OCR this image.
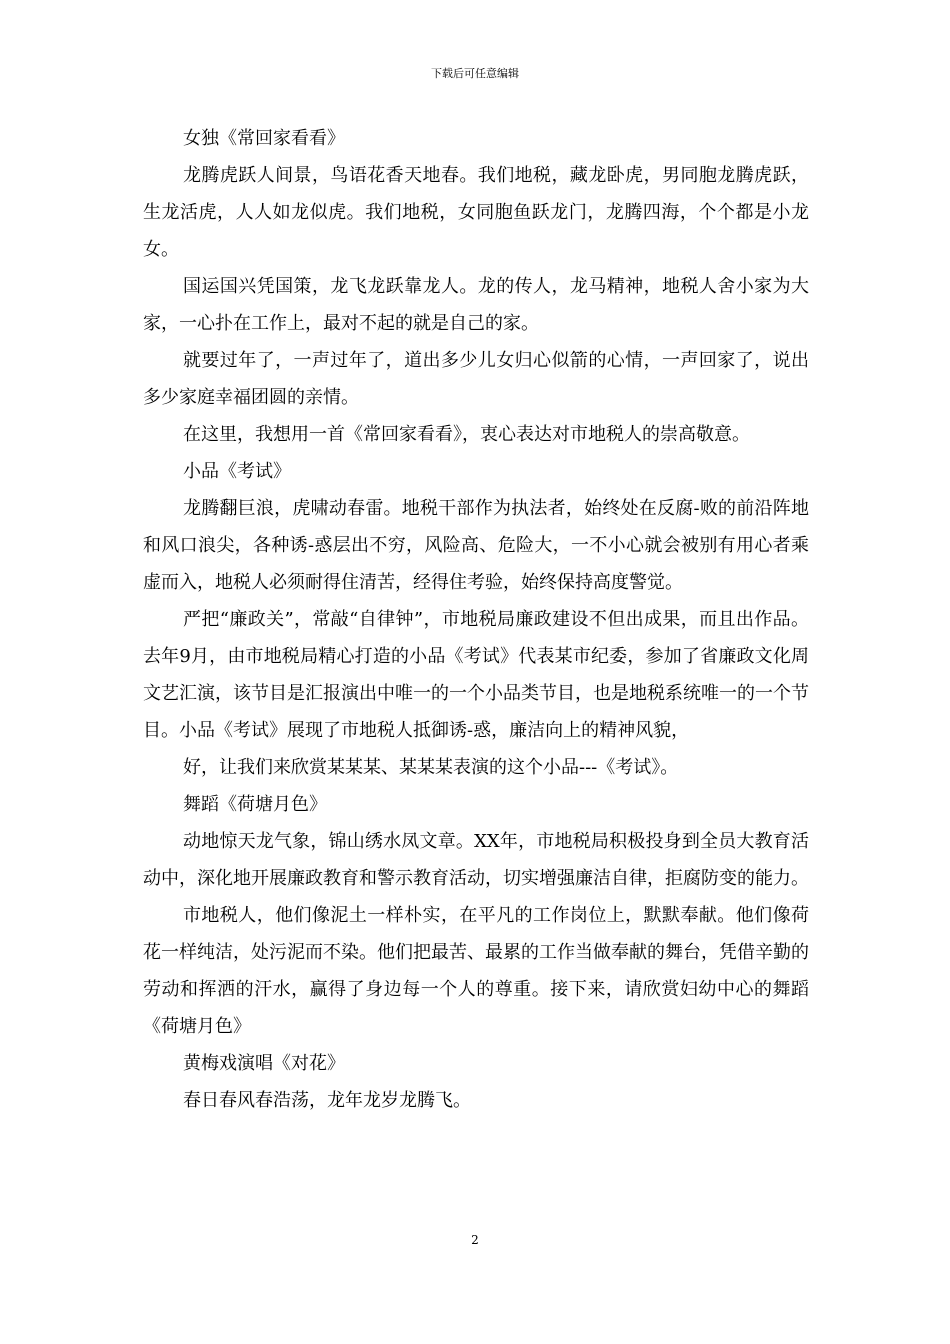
下载后可任意编辑

女独《常回家看看》

龙腾虎跃人间景，鸟语花香天地春。我们地税，藏龙卧虎，男同胞龙腾虎跃，生龙活虎，人人如龙似虎。我们地税，女同胞鱼跃龙门，龙腾四海，个个都是小龙女。

国运国兴凭国策，龙飞龙跃靠龙人。龙的传人，龙马精神，地税人舍小家为大家，一心扑在工作上，最对不起的就是自己的家。

就要过年了，一声过年了，道出多少儿女归心似箭的心情，一声回家了，说出多少家庭幸福团圆的亲情。

在这里，我想用一首《常回家看看》，衷心表达对市地税人的崇高敬意。

小品《考试》

龙腾翻巨浪，虎啸动春雷。地税干部作为执法者，始终处在反腐-败的前沿阵地和风口浪尖，各种诱-惑层出不穷，风险高、危险大，一不小心就会被别有用心者乘虚而入，地税人必须耐得住清苦，经得住考验，始终保持高度警觉。

严把“廉政关”，常敲“自律钟”，市地税局廉政建设不但出成果，而且出作品。去年9月，由市地税局精心打造的小品《考试》代表某市纪委，参加了省廉政文化周文艺汇演，该节目是汇报演出中唯一的一个小品类节目，也是地税系统唯一的一个节目。小品《考试》展现了市地税人抵御诱-惑，廉洁向上的精神风貌，

好，让我们来欣赏某某某、某某某表演的这个小品---《考试》。

舞蹈《荷塘月色》

动地惊天龙气象，锦山绣水凤文章。XX年，市地税局积极投身到全员大教育活动中，深化地开展廉政教育和警示教育活动，切实增强廉洁自律，拒腐防变的能力。

市地税人，他们像泥土一样朴实，在平凡的工作岗位上，默默奉献。他们像荷花一样纯洁，处污泥而不染。他们把最苦、最累的工作当做奉献的舞台，凭借辛勤的劳动和挥洒的汗水，赢得了身边每一个人的尊重。接下来，请欣赏妇幼中心的舞蹈《荷塘月色》

黄梅戏演唱《对花》

春日春风春浩荡，龙年龙岁龙腾飞。

2
